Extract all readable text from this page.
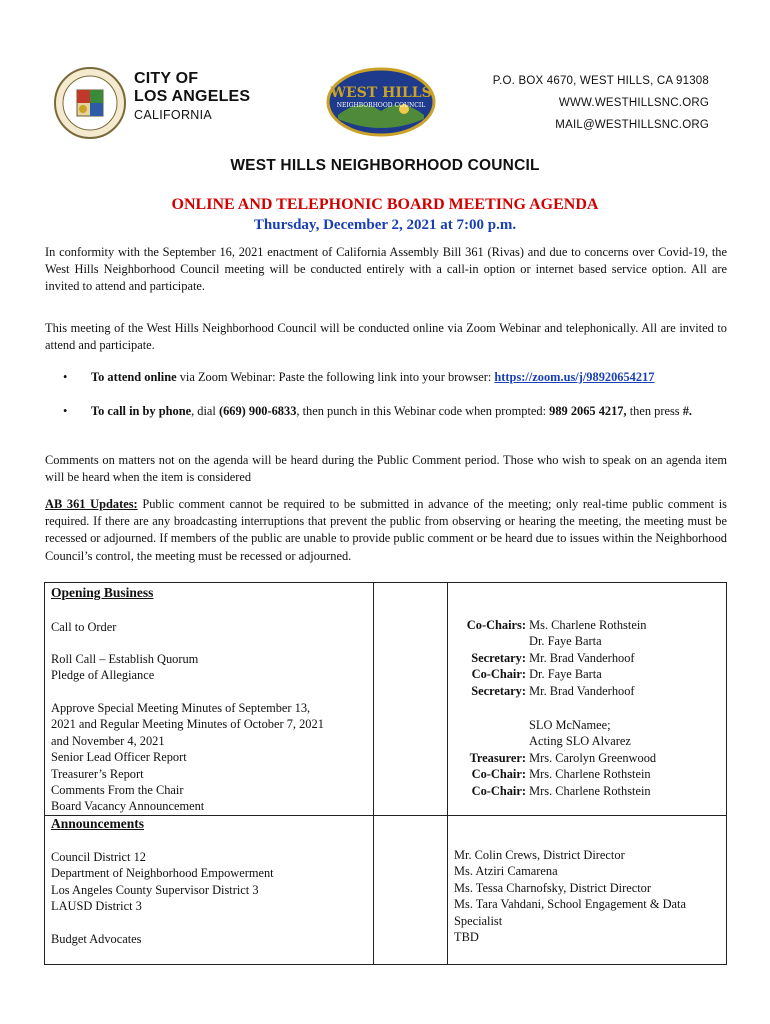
CITY OF
LOS ANGELES
CALIFORNIA
WEST HILLS
NEIGHBORHOOD COUNCIL
P.O. BOX 4670, WEST HILLS, CA 91308
WWW.WESTHILLSNC.ORG
MAIL@WESTHILLSNC.ORG
WEST HILLS NEIGHBORHOOD COUNCIL
ONLINE AND TELEPHONIC BOARD MEETING AGENDA
Thursday, December 2, 2021 at 7:00 p.m.
In conformity with the September 16, 2021 enactment of California Assembly Bill 361 (Rivas) and due to concerns over Covid-19, the West Hills Neighborhood Council meeting will be conducted entirely with a call-in option or internet based service option. All are invited to attend and participate.
This meeting of the West Hills Neighborhood Council will be conducted online via Zoom Webinar and telephonically. All are invited to attend and participate.
• To attend online via Zoom Webinar: Paste the following link into your browser: https://zoom.us/j/98920654217
• To call in by phone, dial (669) 900-6833, then punch in this Webinar code when prompted: 989 2065 4217, then press #.
Comments on matters not on the agenda will be heard during the Public Comment period. Those who wish to speak on an agenda item will be heard when the item is considered
AB 361 Updates: Public comment cannot be required to be submitted in advance of the meeting; only real-time public comment is required. If there are any broadcasting interruptions that prevent the public from observing or hearing the meeting, the meeting must be recessed or adjourned. If members of the public are unable to provide public comment or be heard due to issues within the Neighborhood Council’s control, the meeting must be recessed or adjourned.
Opening Business
Call to Order
Roll Call – Establish Quorum
Pledge of Allegiance
Approve Special Meeting Minutes of September 13,
2021 and Regular Meeting Minutes of October 7, 2021
and November 4, 2021
Senior Lead Officer Report
Treasurer’s Report
Comments From the Chair
Board Vacancy Announcement
Co-Chairs: Ms. Charlene Rothstein
Dr. Faye Barta
Secretary: Mr. Brad Vanderhoof
Co-Chair: Dr. Faye Barta
Secretary: Mr. Brad Vanderhoof
SLO McNamee;
Acting SLO Alvarez
Treasurer: Mrs. Carolyn Greenwood
Co-Chair: Mrs. Charlene Rothstein
Co-Chair: Mrs. Charlene Rothstein
Announcements
Council District 12
Department of Neighborhood Empowerment
Los Angeles County Supervisor District 3
LAUSD District 3
Budget Advocates
Mr. Colin Crews, District Director
Ms. Atziri Camarena
Ms. Tessa Charnofsky, District Director
Ms. Tara Vahdani, School Engagement & Data
Specialist
TBD
